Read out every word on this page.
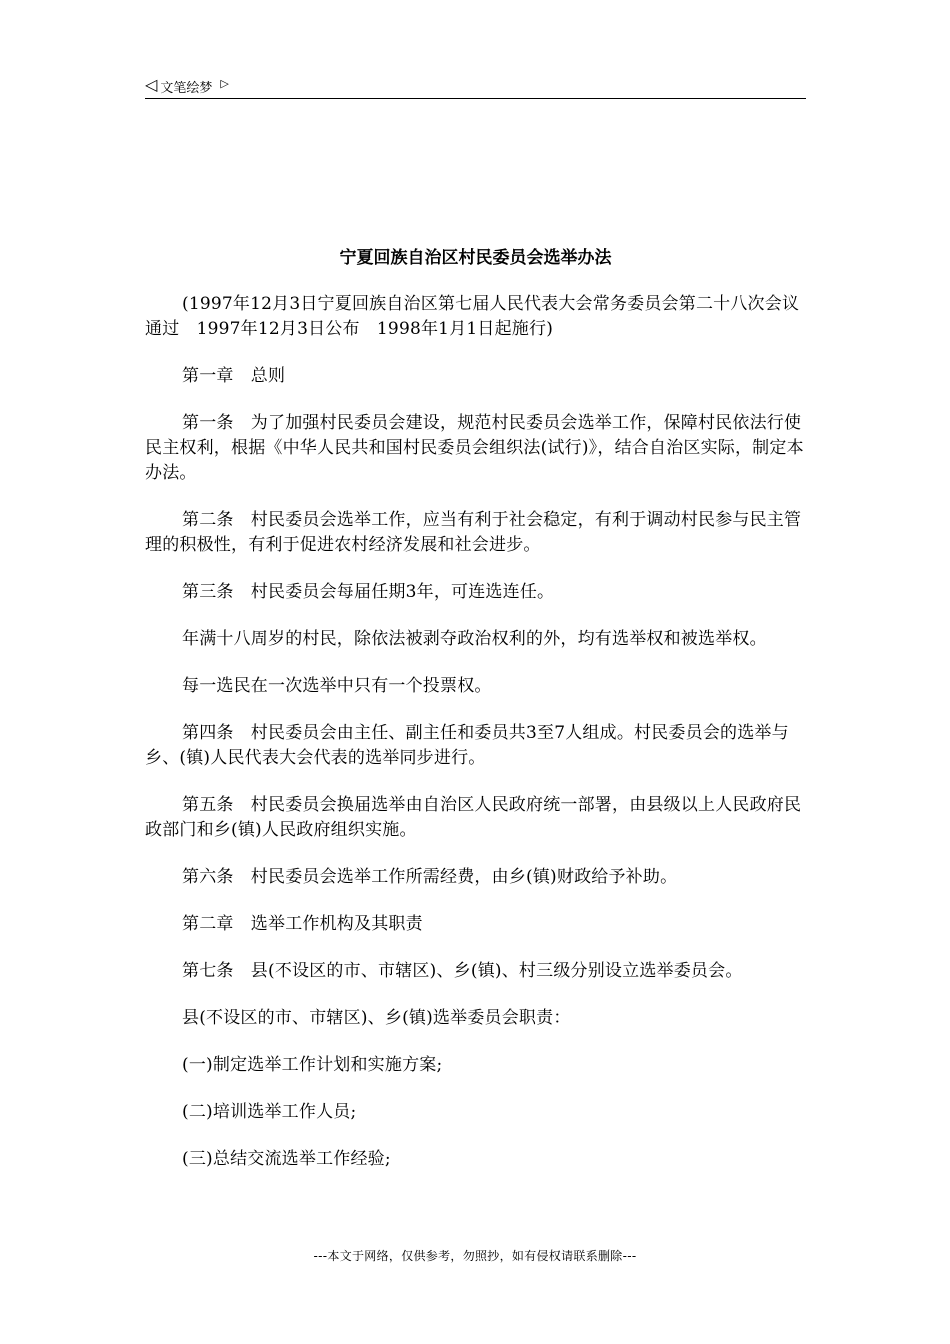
◁ 文笔绘梦 ▷
宁夏回族自治区村民委员会选举办法

(1997年12月3日宁夏回族自治区第七届人民代表大会常务委员会第二十八次会议通过　1997年12月3日公布　1998年1月1日起施行)

第一章　总则

第一条　为了加强村民委员会建设，规范村民委员会选举工作，保障村民依法行使民主权利，根据《中华人民共和国村民委员会组织法(试行)》，结合自治区实际，制定本办法。

第二条　村民委员会选举工作，应当有利于社会稳定，有利于调动村民参与民主管理的积极性，有利于促进农村经济发展和社会进步。

第三条　村民委员会每届任期3年，可连选连任。

年满十八周岁的村民，除依法被剥夺政治权利的外，均有选举权和被选举权。

每一选民在一次选举中只有一个投票权。

第四条　村民委员会由主任、副主任和委员共3至7人组成。村民委员会的选举与乡、(镇)人民代表大会代表的选举同步进行。

第五条　村民委员会换届选举由自治区人民政府统一部署，由县级以上人民政府民政部门和乡(镇)人民政府组织实施。

第六条　村民委员会选举工作所需经费，由乡(镇)财政给予补助。

第二章　选举工作机构及其职责

第七条　县(不设区的市、市辖区)、乡(镇)、村三级分别设立选举委员会。

县(不设区的市、市辖区)、乡(镇)选举委员会职责：

(一)制定选举工作计划和实施方案;

(二)培训选举工作人员;

(三)总结交流选举工作经验;

---本文于网络，仅供参考，勿照抄，如有侵权请联系删除---
